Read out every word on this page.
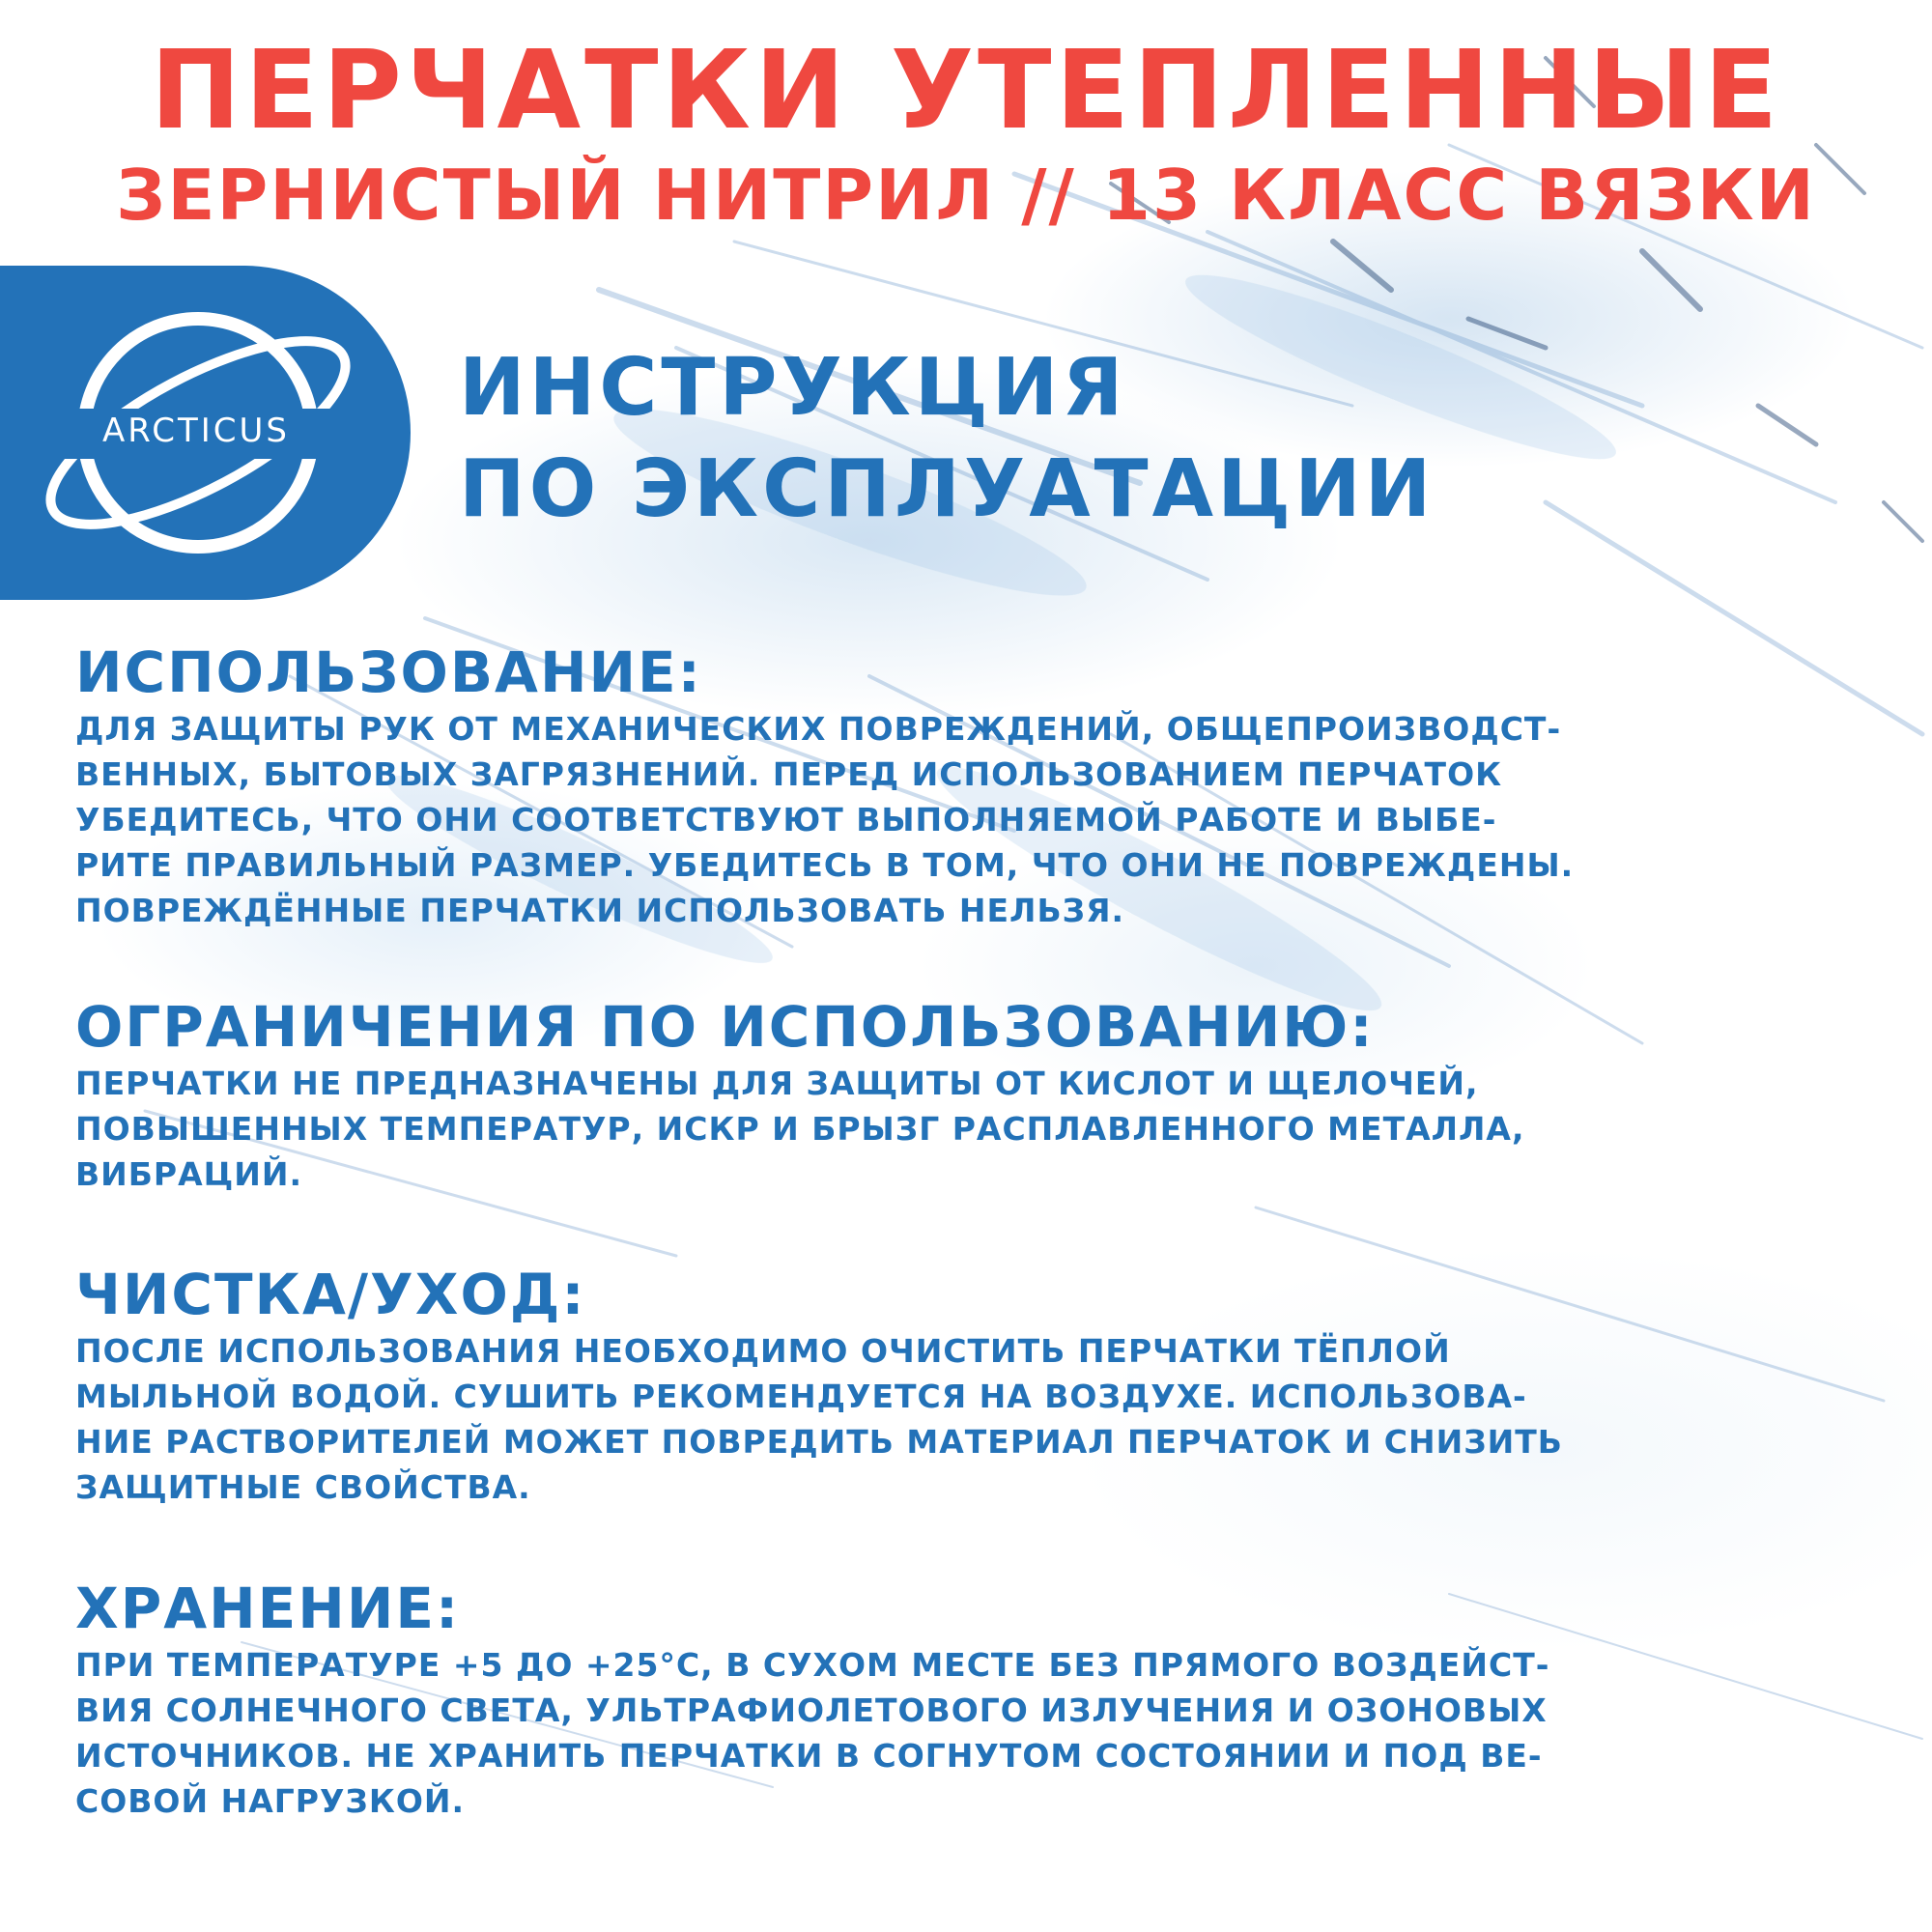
ПЕРЧАТКИ УТЕПЛЕННЫЕ
ЗЕРНИСТЫЙ НИТРИЛ // 13 КЛАСС ВЯЗКИ
ARCTICUS	ИНСТРУКЦИЯ
ПО ЭКСПЛУАТАЦИИ
ИСПОЛЬЗОВАНИЕ:
ДЛЯ ЗАЩИТЫ РУК ОТ МЕХАНИЧЕСКИХ ПОВРЕЖДЕНИЙ, ОБЩЕПРОИЗВОДСТ-
ВЕННЫХ, БЫТОВЫХ ЗАГРЯЗНЕНИЙ. ПЕРЕД ИСПОЛЬЗОВАНИЕМ ПЕРЧАТОК
УБЕДИТЕСЬ, ЧТО ОНИ СООТВЕТСТВУЮТ ВЫПОЛНЯЕМОЙ РАБОТЕ И ВЫБЕ-
РИТЕ ПРАВИЛЬНЫЙ РАЗМЕР. УБЕДИТЕСЬ В ТОМ, ЧТО ОНИ НЕ ПОВРЕЖДЕНЫ.
ПОВРЕЖДЁННЫЕ ПЕРЧАТКИ ИСПОЛЬЗОВАТЬ НЕЛЬЗЯ.
ОГРАНИЧЕНИЯ ПО ИСПОЛЬЗОВАНИЮ:
ПЕРЧАТКИ НЕ ПРЕДНАЗНАЧЕНЫ ДЛЯ ЗАЩИТЫ ОТ КИСЛОТ И ЩЕЛОЧЕЙ,
ПОВЫШЕННЫХ ТЕМПЕРАТУР, ИСКР И БРЫЗГ РАСПЛАВЛЕННОГО МЕТАЛЛА,
ВИБРАЦИЙ.
ЧИСТКА/УХОД:
ПОСЛЕ ИСПОЛЬЗОВАНИЯ НЕОБХОДИМО ОЧИСТИТЬ ПЕРЧАТКИ ТЁПЛОЙ
МЫЛЬНОЙ ВОДОЙ. СУШИТЬ РЕКОМЕНДУЕТСЯ НА ВОЗДУХЕ. ИСПОЛЬЗОВА-
НИЕ РАСТВОРИТЕЛЕЙ МОЖЕТ ПОВРЕДИТЬ МАТЕРИАЛ ПЕРЧАТОК И СНИЗИТЬ
ЗАЩИТНЫЕ СВОЙСТВА.
ХРАНЕНИЕ:
ПРИ ТЕМПЕРАТУРЕ +5 ДО +25°С, В СУХОМ МЕСТЕ БЕЗ ПРЯМОГО ВОЗДЕЙСТ-
ВИЯ СОЛНЕЧНОГО СВЕТА, УЛЬТРАФИОЛЕТОВОГО ИЗЛУЧЕНИЯ И ОЗОНОВЫХ
ИСТОЧНИКОВ. НЕ ХРАНИТЬ ПЕРЧАТКИ В СОГНУТОМ СОСТОЯНИИ И ПОД ВЕ-
СОВОЙ НАГРУЗКОЙ.
